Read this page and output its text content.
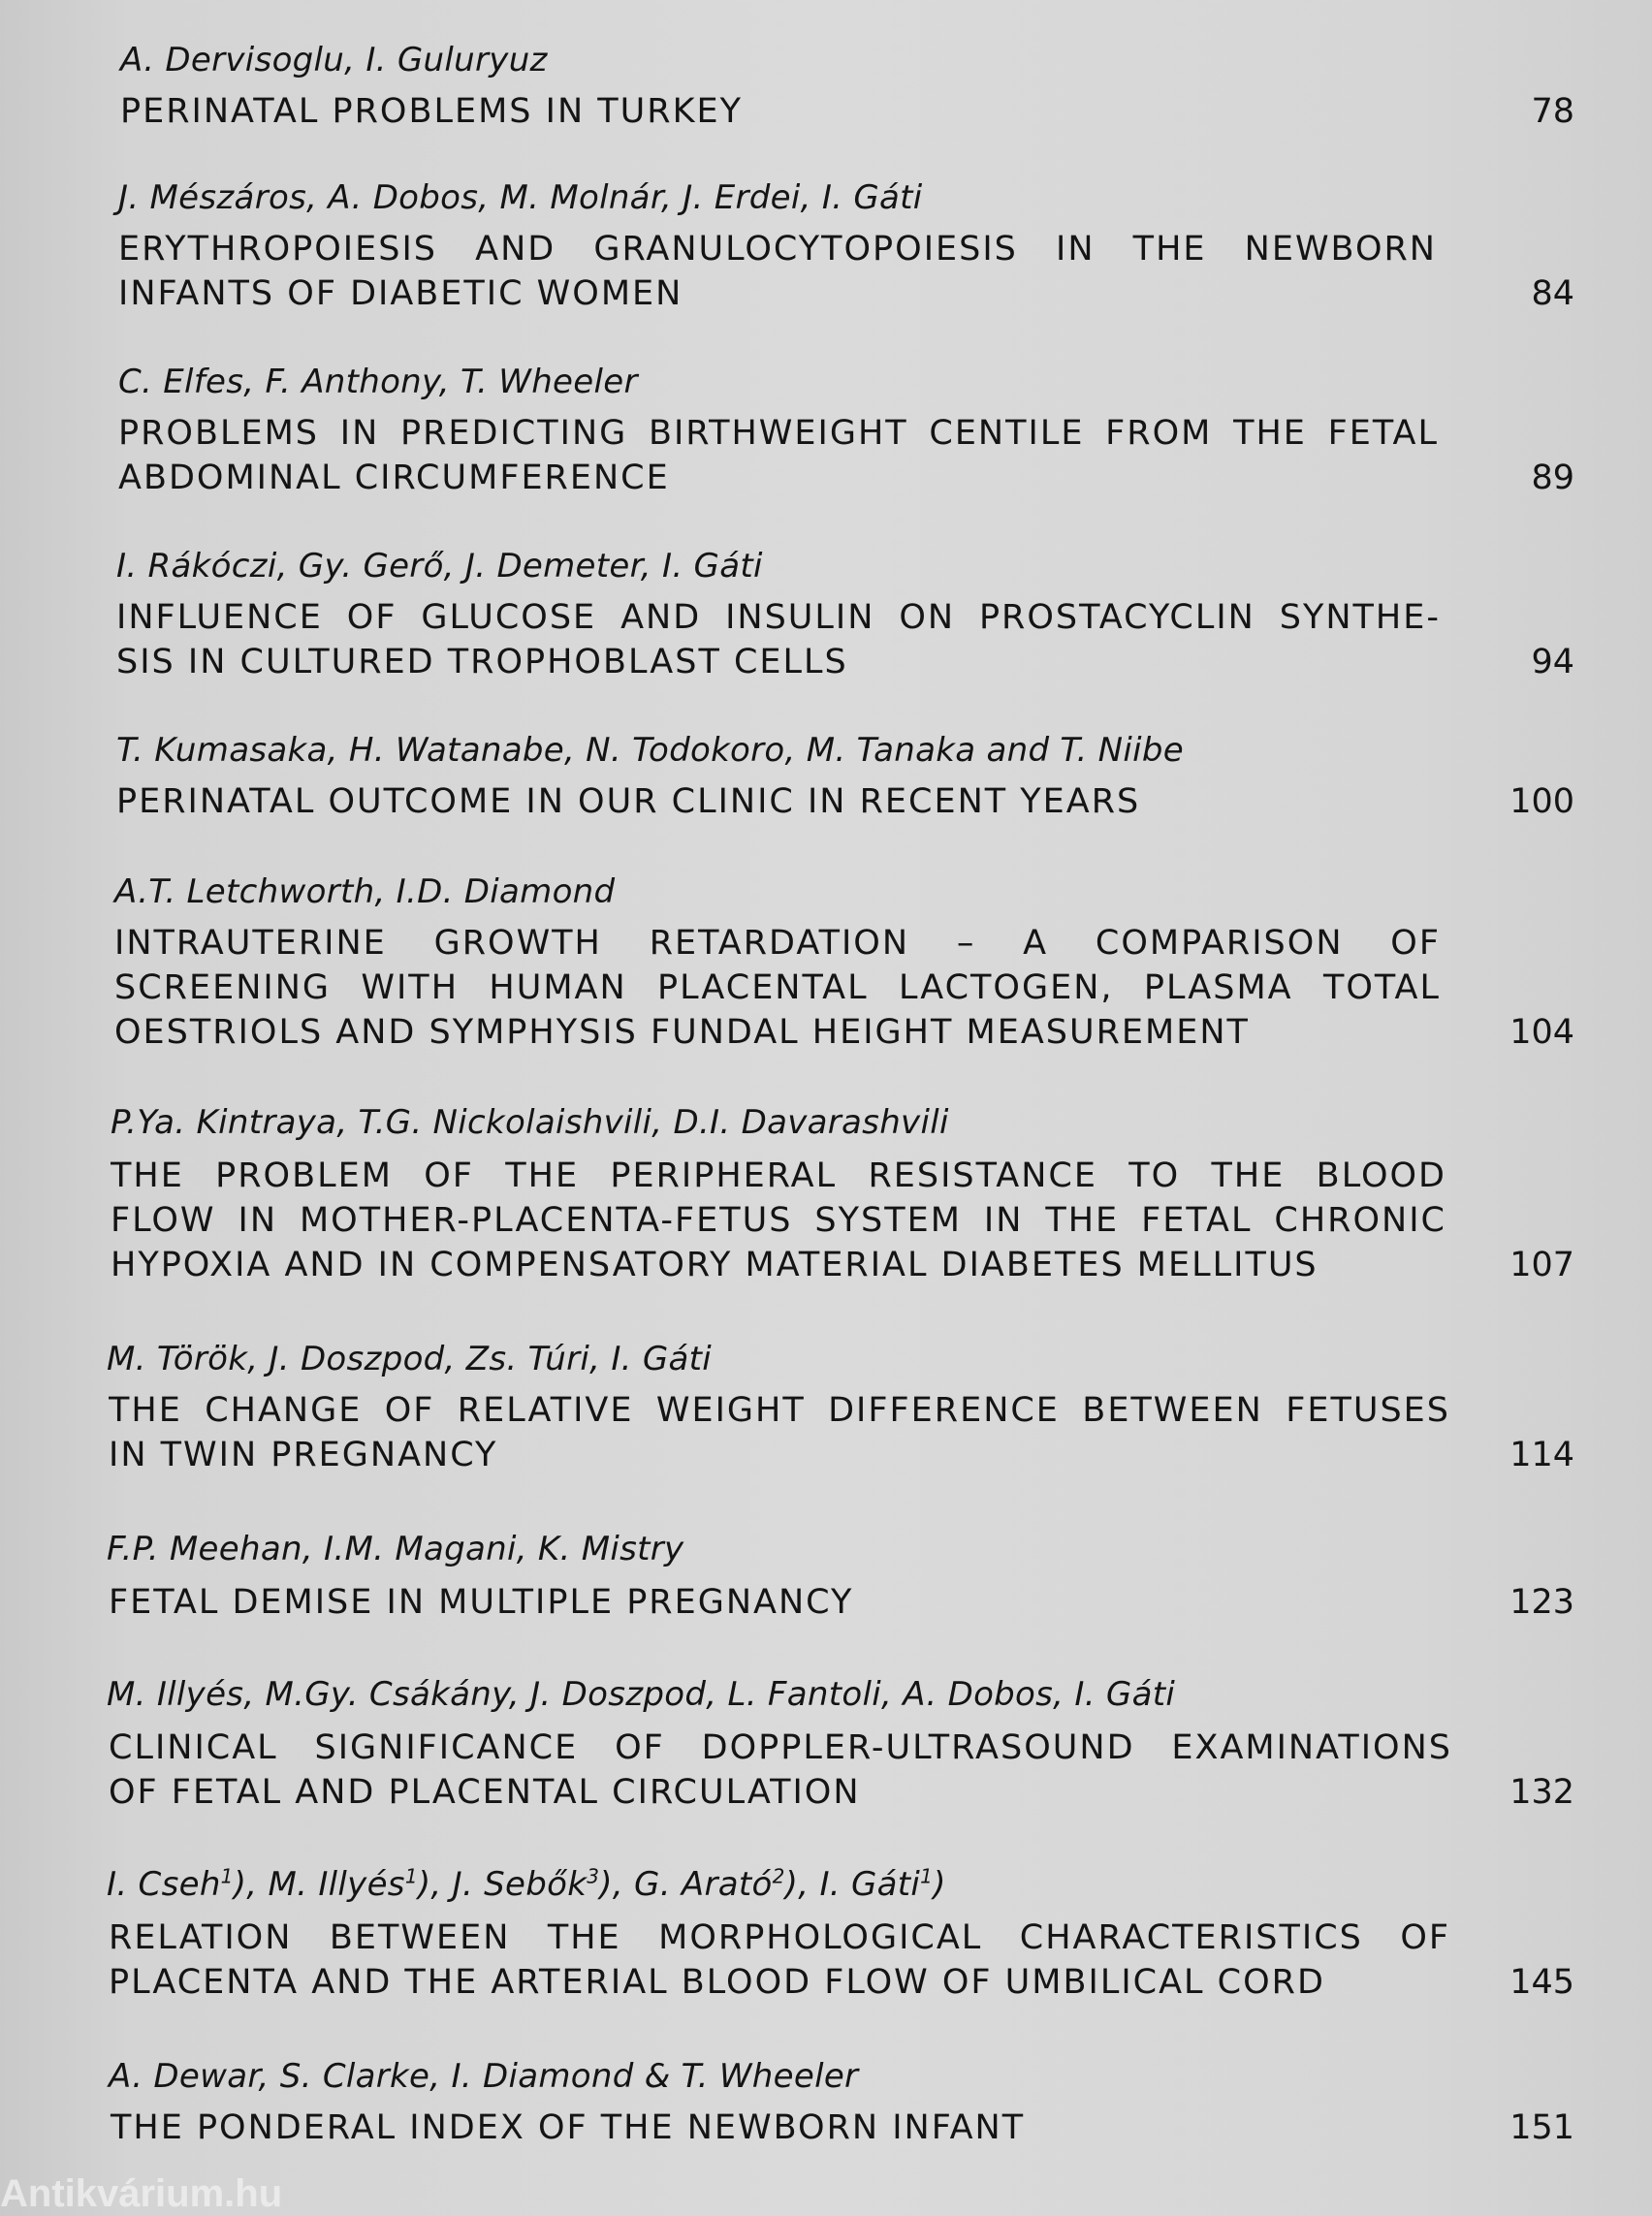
A. Dervisoglu, I. Guluryuz
PERINATAL PROBLEMS IN TURKEY	78
J. Mészáros, A. Dobos, M. Molnár, J. Erdei, I. Gáti
ERYTHROPOIESIS AND GRANULOCYTOPOIESIS IN THE NEWBORN
INFANTS OF DIABETIC WOMEN	84
C. Elfes, F. Anthony, T. Wheeler
PROBLEMS IN PREDICTING BIRTHWEIGHT CENTILE FROM THE FETAL
ABDOMINAL CIRCUMFERENCE	89
I. Rákóczi, Gy. Gerő, J. Demeter, I. Gáti
INFLUENCE OF GLUCOSE AND INSULIN ON PROSTACYCLIN SYNTHE-
SIS IN CULTURED TROPHOBLAST CELLS	94
T. Kumasaka, H. Watanabe, N. Todokoro, M. Tanaka and T. Niibe
PERINATAL OUTCOME IN OUR CLINIC IN RECENT YEARS	100
A.T. Letchworth, I.D. Diamond
INTRAUTERINE GROWTH RETARDATION – A COMPARISON OF
SCREENING WITH HUMAN PLACENTAL LACTOGEN, PLASMA TOTAL
OESTRIOLS AND SYMPHYSIS FUNDAL HEIGHT MEASUREMENT	104
P.Ya. Kintraya, T.G. Nickolaishvili, D.I. Davarashvili
THE PROBLEM OF THE PERIPHERAL RESISTANCE TO THE BLOOD
FLOW IN MOTHER-PLACENTA-FETUS SYSTEM IN THE FETAL CHRONIC
HYPOXIA AND IN COMPENSATORY MATERIAL DIABETES MELLITUS	107
M. Török, J. Doszpod, Zs. Túri, I. Gáti
THE CHANGE OF RELATIVE WEIGHT DIFFERENCE BETWEEN FETUSES
IN TWIN PREGNANCY	114
F.P. Meehan, I.M. Magani, K. Mistry
FETAL DEMISE IN MULTIPLE PREGNANCY	123
M. Illyés, M.Gy. Csákány, J. Doszpod, L. Fantoli, A. Dobos, I. Gáti
CLINICAL SIGNIFICANCE OF DOPPLER-ULTRASOUND EXAMINATIONS
OF FETAL AND PLACENTAL CIRCULATION	132
I. Cseh$^1$), M. Illyés$^1$), J. Sebők$^3$), G. Arató$^2$), I. Gáti$^1$)
RELATION BETWEEN THE MORPHOLOGICAL CHARACTERISTICS OF
PLACENTA AND THE ARTERIAL BLOOD FLOW OF UMBILICAL CORD	145
A. Dewar, S. Clarke, I. Diamond & T. Wheeler
THE PONDERAL INDEX OF THE NEWBORN INFANT	151
Antikvárium.hu
